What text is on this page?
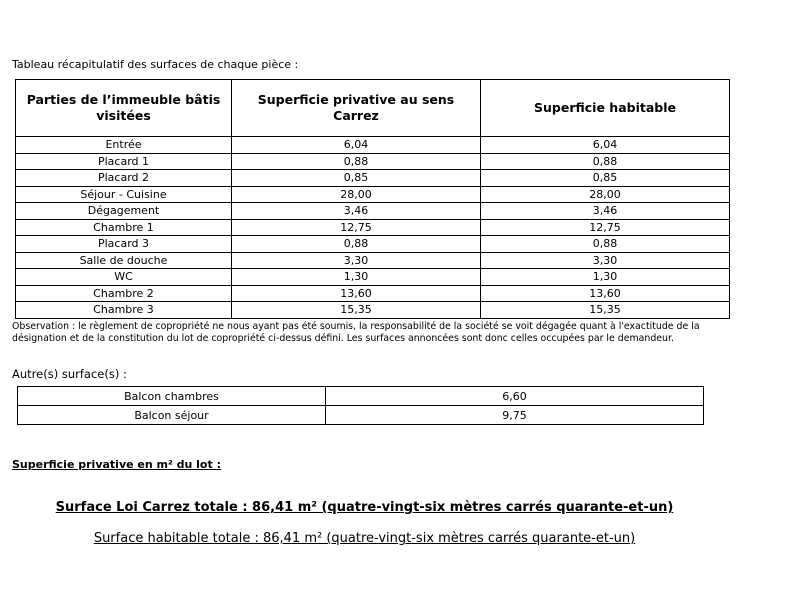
Tableau récapitulatif des surfaces de chaque pièce :
Parties de l’immeuble bâtis visitées	Superficie privative au sens Carrez	Superficie habitable
Entrée	6,04	6,04
Placard 1	0,88	0,88
Placard 2	0,85	0,85
Séjour - Cuisine	28,00	28,00
Dégagement	3,46	3,46
Chambre 1	12,75	12,75
Placard 3	0,88	0,88
Salle de douche	3,30	3,30
WC	1,30	1,30
Chambre 2	13,60	13,60
Chambre 3	15,35	15,35
Observation : le règlement de copropriété ne nous ayant pas été soumis, la responsabilité de la société se voit dégagée quant à l'exactitude de la désignation et de la constitution du lot de copropriété ci-dessus défini. Les surfaces annoncées sont donc celles occupées par le demandeur.
Autre(s) surface(s) :
Balcon chambres	6,60
Balcon séjour	9,75
Superficie privative en m² du lot :
Surface Loi Carrez totale : 86,41 m² (quatre-vingt-six mètres carrés quarante-et-un)
Surface habitable totale : 86,41 m² (quatre-vingt-six mètres carrés quarante-et-un)
